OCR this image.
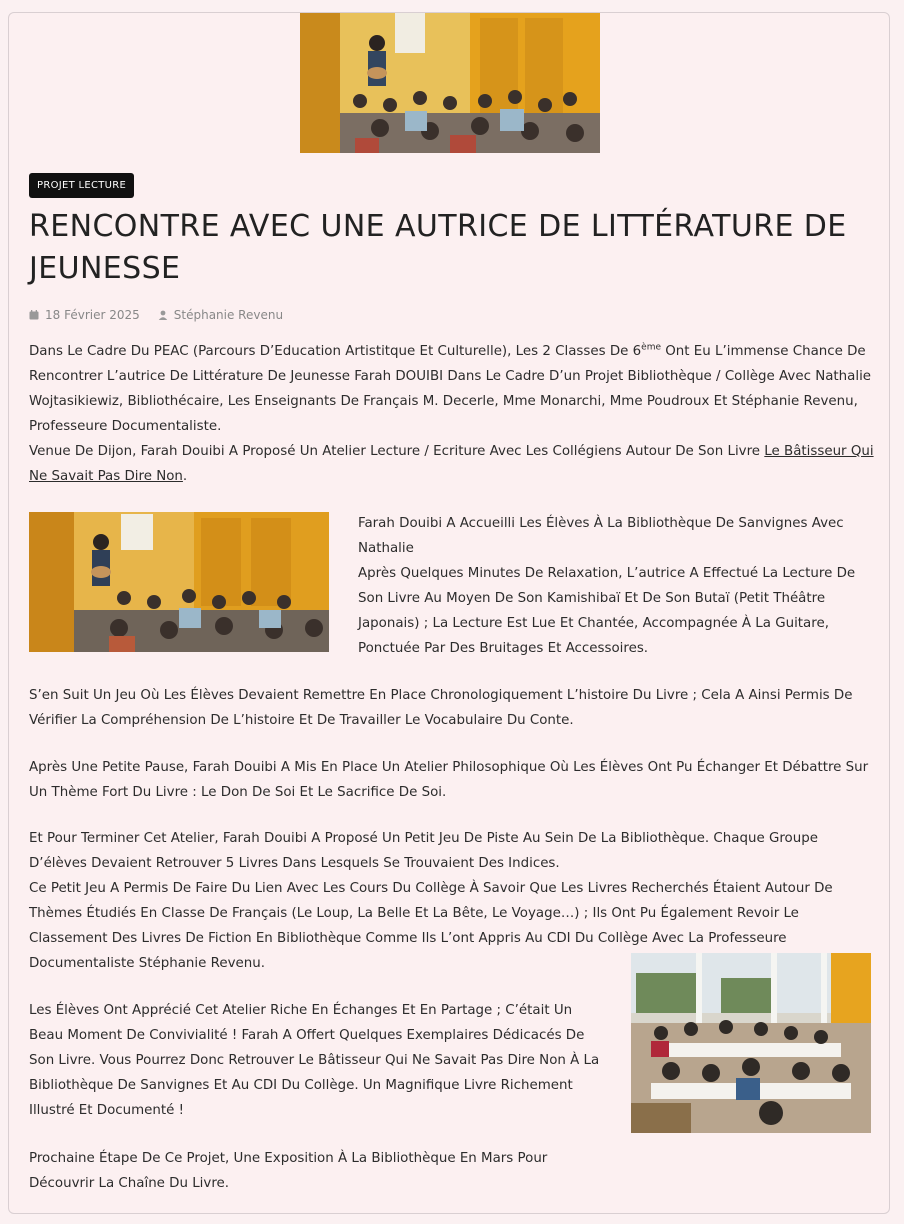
PROJET LECTURE
RENCONTRE AVEC UNE AUTRICE DE LITTÉRATURE DE JEUNESSE
18 Février 2025	Stéphanie Revenu

Dans Le Cadre Du PEAC (Parcours D’Education Artistitque Et Culturelle), Les 2 Classes De 6ème Ont Eu L’immense Chance De Rencontrer L’autrice De Littérature De Jeunesse Farah DOUIBI Dans Le Cadre D’un Projet Bibliothèque / Collège Avec Nathalie Wojtasikiewiz, Bibliothécaire, Les Enseignants De Français M. Decerle, Mme Monarchi, Mme Poudroux Et Stéphanie Revenu, Professeure Documentaliste.
Venue De Dijon, Farah Douibi A Proposé Un Atelier Lecture / Ecriture Avec Les Collégiens Autour De Son Livre Le Bâtisseur Qui Ne Savait Pas Dire Non.

Farah Douibi A Accueilli Les Élèves À La Bibliothèque De Sanvignes Avec Nathalie
Après Quelques Minutes De Relaxation, L’autrice A Effectué La Lecture De Son Livre Au Moyen De Son Kamishibaï Et De Son Butaï (Petit Théâtre Japonais) ; La Lecture Est Lue Et Chantée, Accompagnée À La Guitare, Ponctuée Par Des Bruitages Et Accessoires.

S’en Suit Un Jeu Où Les Élèves Devaient Remettre En Place Chronologiquement L’histoire Du Livre ; Cela A Ainsi Permis De Vérifier La Compréhension De L’histoire Et De Travailler Le Vocabulaire Du Conte.

Après Une Petite Pause, Farah Douibi A Mis En Place Un Atelier Philosophique Où Les Élèves Ont Pu Échanger Et Débattre Sur Un Thème Fort Du Livre : Le Don De Soi Et Le Sacrifice De Soi.

Et Pour Terminer Cet Atelier, Farah Douibi A Proposé Un Petit Jeu De Piste Au Sein De La Bibliothèque. Chaque Groupe D’élèves Devaient Retrouver 5 Livres Dans Lesquels Se Trouvaient Des Indices.
Ce Petit Jeu A Permis De Faire Du Lien Avec Les Cours Du Collège À Savoir Que Les Livres Recherchés Étaient Autour De Thèmes Étudiés En Classe De Français (Le Loup, La Belle Et La Bête, Le Voyage…) ; Ils Ont Pu Également Revoir Le Classement Des Livres De Fiction En Bibliothèque Comme Ils L’ont Appris Au CDI Du Collège Avec La Professeure Documentaliste Stéphanie Revenu.

Les Élèves Ont Apprécié Cet Atelier Riche En Échanges Et En Partage ; C’était Un Beau Moment De Convivialité ! Farah A Offert Quelques Exemplaires Dédicacés De Son Livre. Vous Pourrez Donc Retrouver Le Bâtisseur Qui Ne Savait Pas Dire Non À La Bibliothèque De Sanvignes Et Au CDI Du Collège. Un Magnifique Livre Richement Illustré Et Documenté !

Prochaine Étape De Ce Projet, Une Exposition À La Bibliothèque En Mars Pour Découvrir La Chaîne Du Livre.
